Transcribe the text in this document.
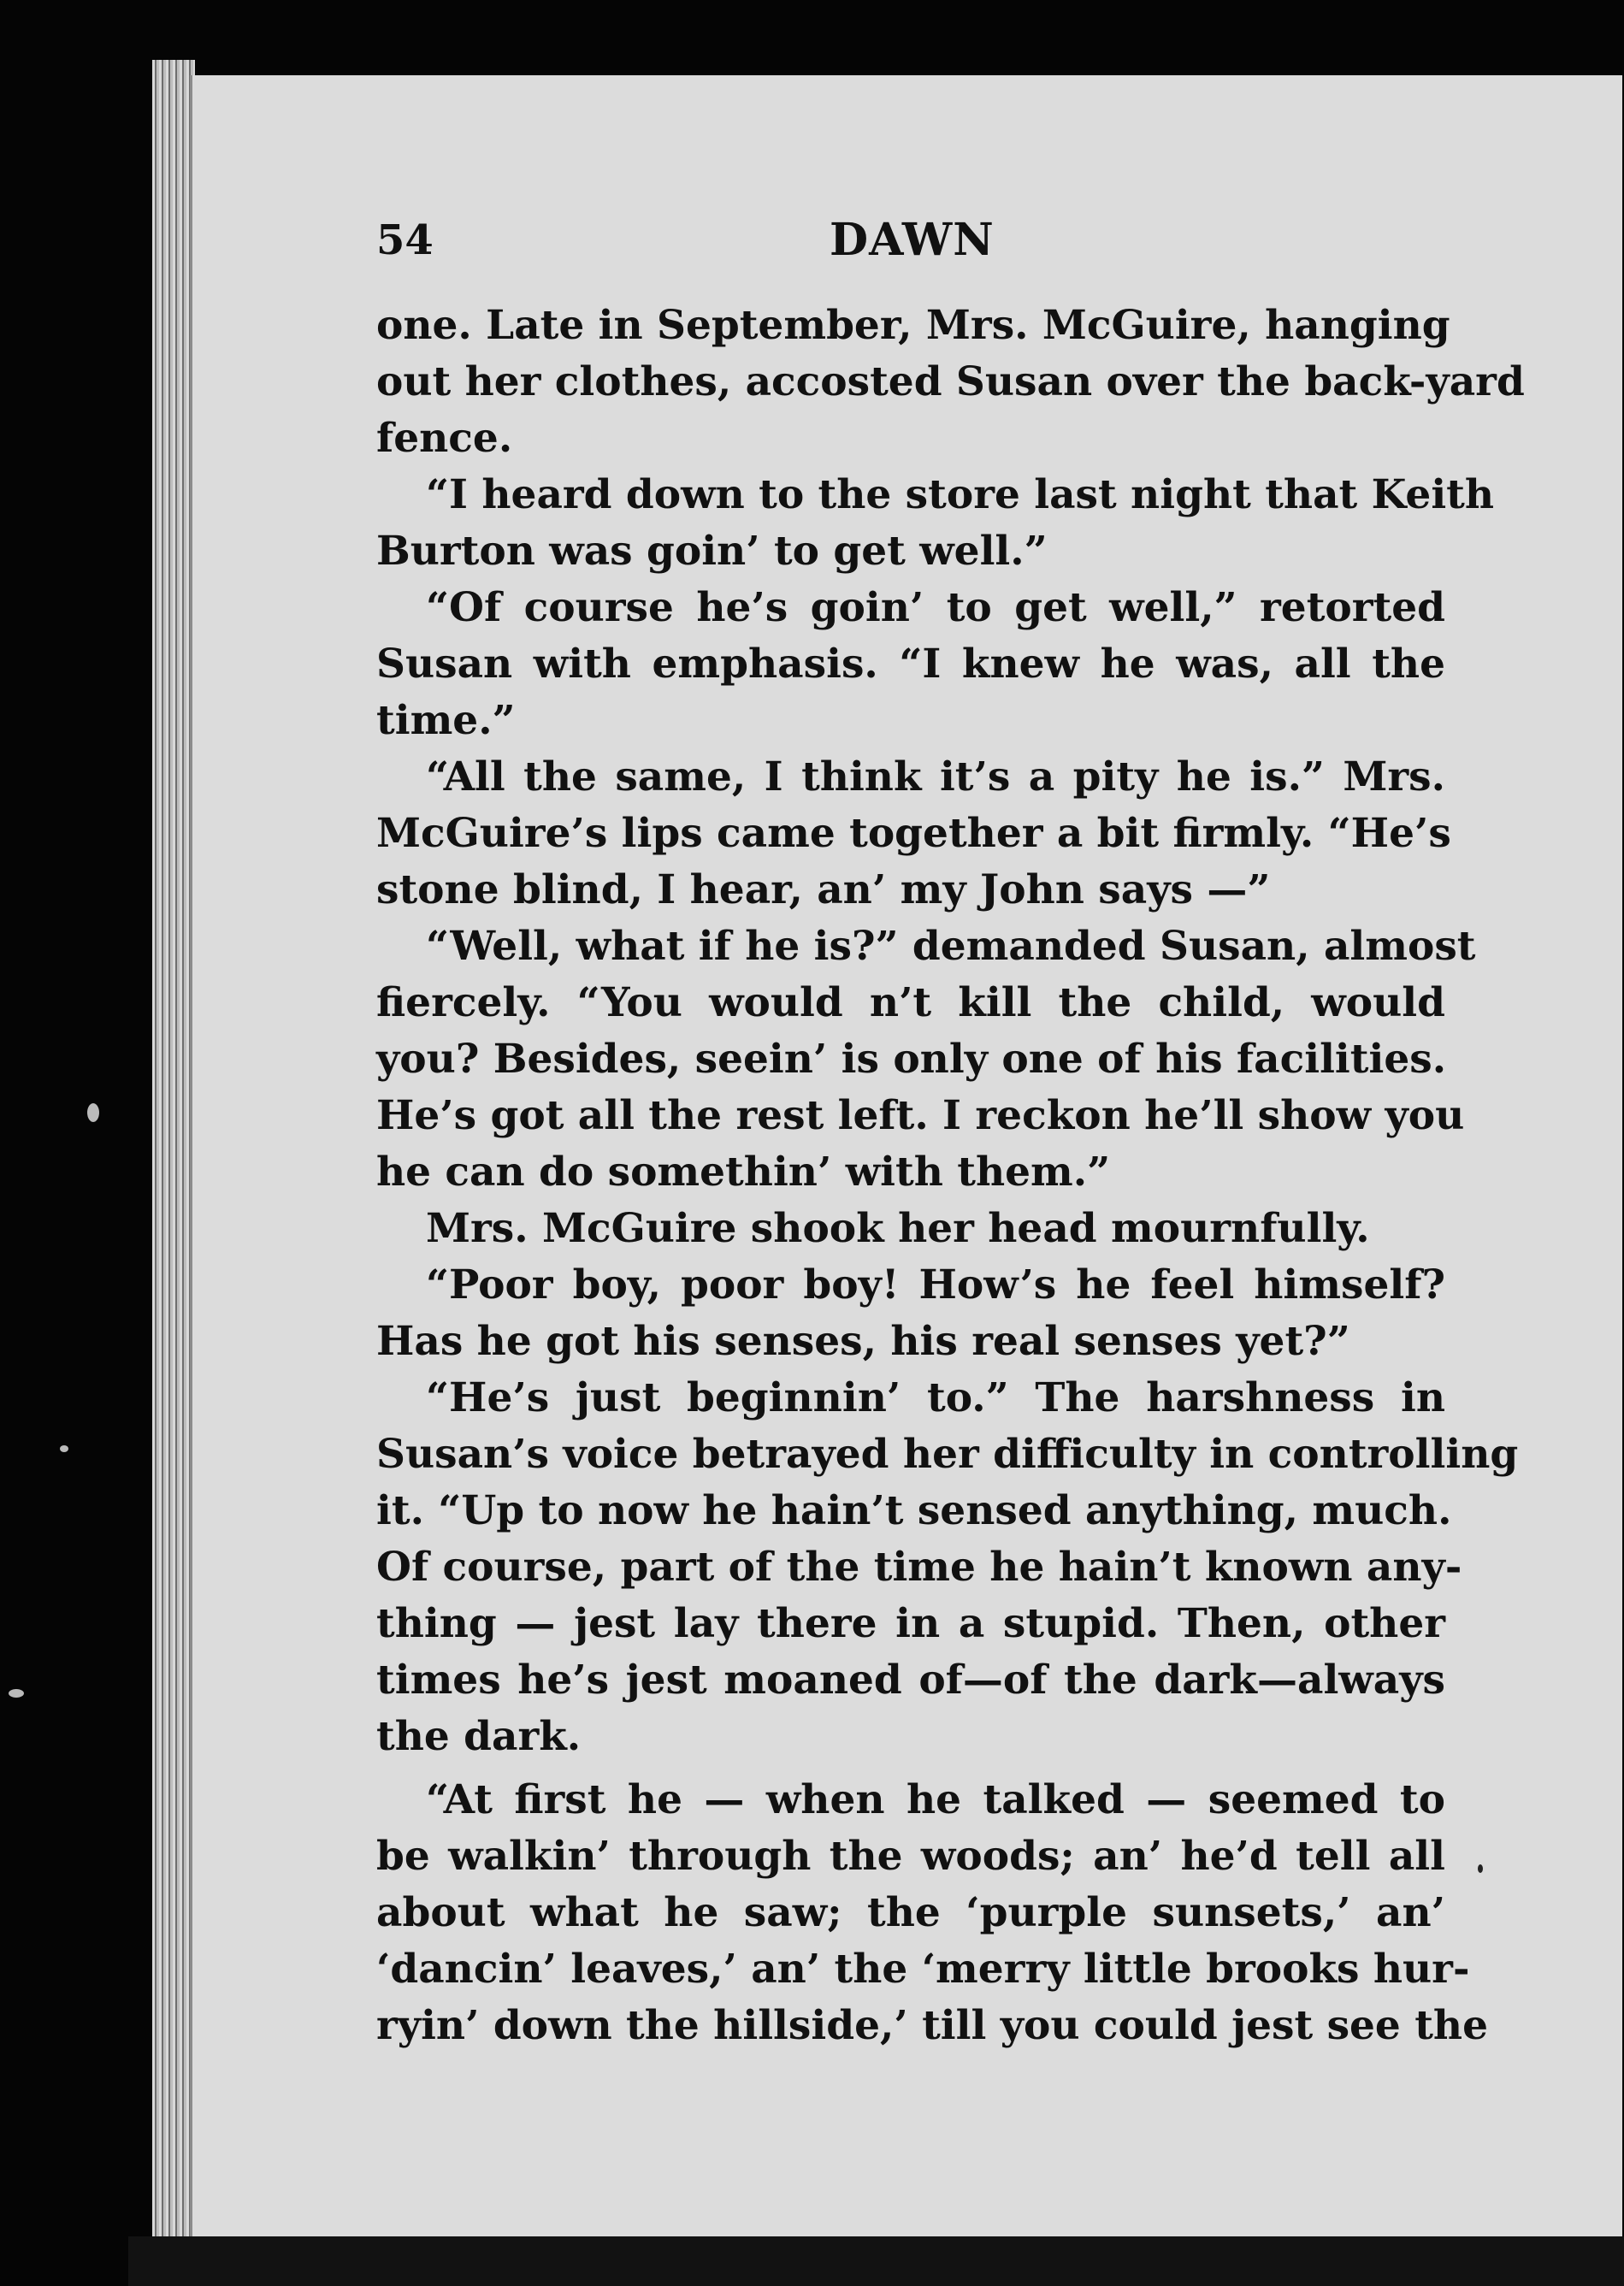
54	DAWN
one. Late in September, Mrs. McGuire, hanging
out her clothes, accosted Susan over the back-yard
fence.
“I heard down to the store last night that Keith
Burton was goin’ to get well.”
“Of course he’s goin’ to get well,” retorted
Susan with emphasis. “I knew he was, all the
time.”
“All the same, I think it’s a pity he is.” Mrs.
McGuire’s lips came together a bit firmly. “He’s
stone blind, I hear, an’ my John says —”
“Well, what if he is?” demanded Susan, almost
fiercely. “You would n’t kill the child, would
you? Besides, seein’ is only one of his facilities.
He’s got all the rest left. I reckon he’ll show you
he can do somethin’ with them.”
Mrs. McGuire shook her head mournfully.
“Poor boy, poor boy! How’s he feel himself?
Has he got his senses, his real senses yet?”
“He’s just beginnin’ to.” The harshness in
Susan’s voice betrayed her difficulty in controlling
it. “Up to now he hain’t sensed anything, much.
Of course, part of the time he hain’t known any-
thing — jest lay there in a stupid. Then, other
times he’s jest moaned of—of the dark—always
the dark.
“At first he — when he talked — seemed to
be walkin’ through the woods; an’ he’d tell all
about what he saw; the ‘purple sunsets,’ an’
‘dancin’ leaves,’ an’ the ‘merry little brooks hur-
ryin’ down the hillside,’ till you could jest see the
